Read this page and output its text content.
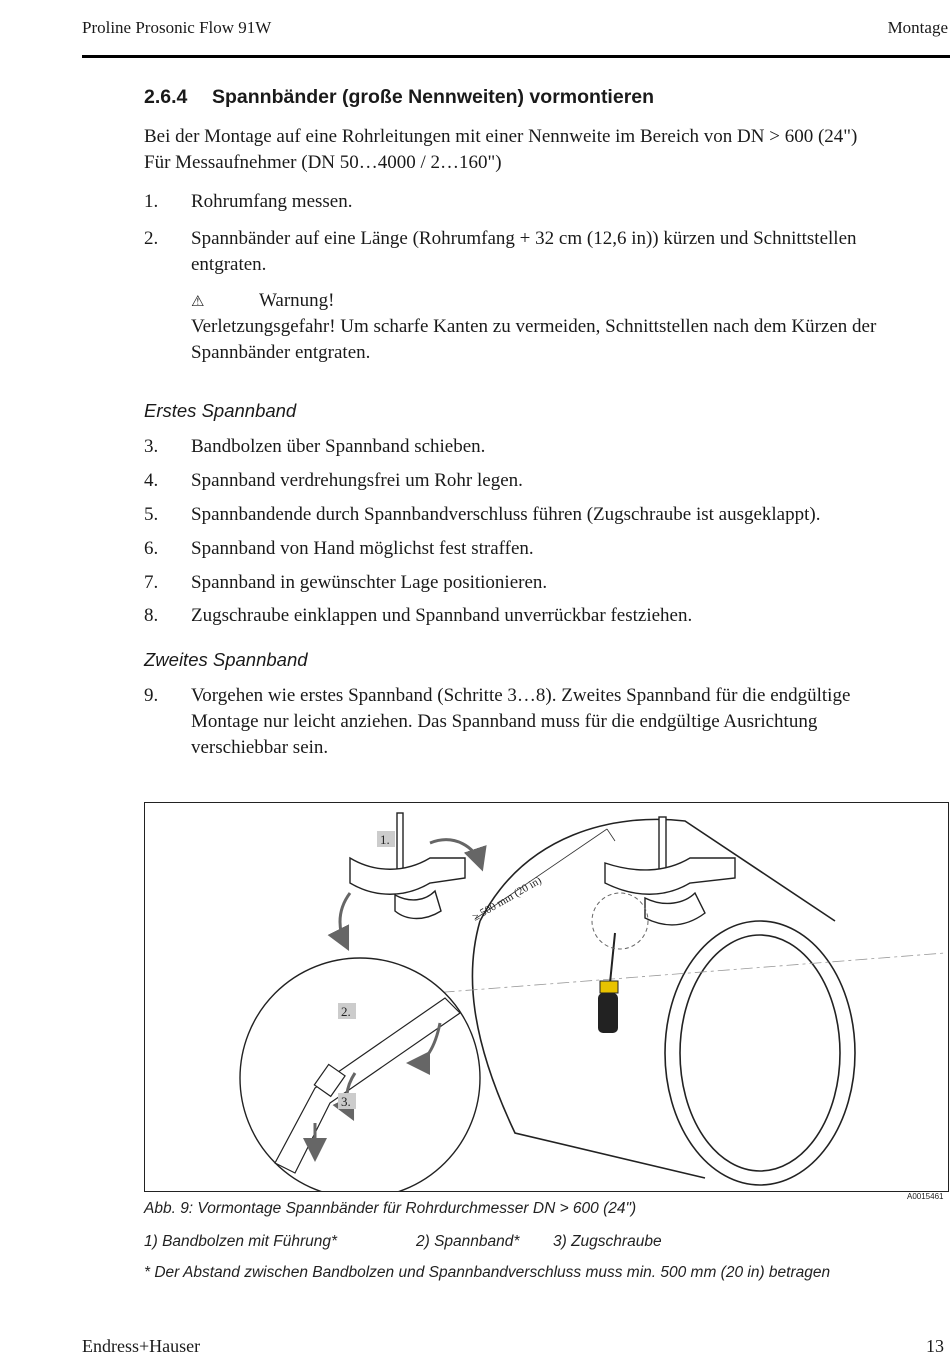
Proline Prosonic Flow 91W	Montage
2.6.4 Spannbänder (große Nennweiten) vormontieren
Bei der Montage auf eine Rohrleitungen mit einer Nennweite im Bereich von DN > 600 (24")
Für Messaufnehmer (DN 50…4000 / 2…160")
1. Rohrumfang messen.
2. Spannbänder auf eine Länge (Rohrumfang + 32 cm (12,6 in)) kürzen und Schnittstellen
entgraten.
⚠	Warnung!
Verletzungsgefahr! Um scharfe Kanten zu vermeiden, Schnittstellen nach dem Kürzen der
Spannbänder entgraten.
Erstes Spannband
3. Bandbolzen über Spannband schieben.
4. Spannband verdrehungsfrei um Rohr legen.
5. Spannbandende durch Spannbandverschluss führen (Zugschraube ist ausgeklappt).
6. Spannband von Hand möglichst fest straffen.
7. Spannband in gewünschter Lage positionieren.
8. Zugschraube einklappen und Spannband unverrückbar festziehen.
Zweites Spannband
9. Vorgehen wie erstes Spannband (Schritte 3…8). Zweites Spannband für die endgültige
Montage nur leicht anziehen. Das Spannband muss für die endgültige Ausrichtung
verschiebbar sein.
≥ 500 mm (20 in)
1.
2.
3.
A0015461
Abb. 9: Vormontage Spannbänder für Rohrdurchmesser DN > 600 (24")
1) Bandbolzen mit Führung*	2) Spannband* 3) Zugschraube
* Der Abstand zwischen Bandbolzen und Spannbandverschluss muss min. 500 mm (20 in) betragen
Endress+Hauser	13
